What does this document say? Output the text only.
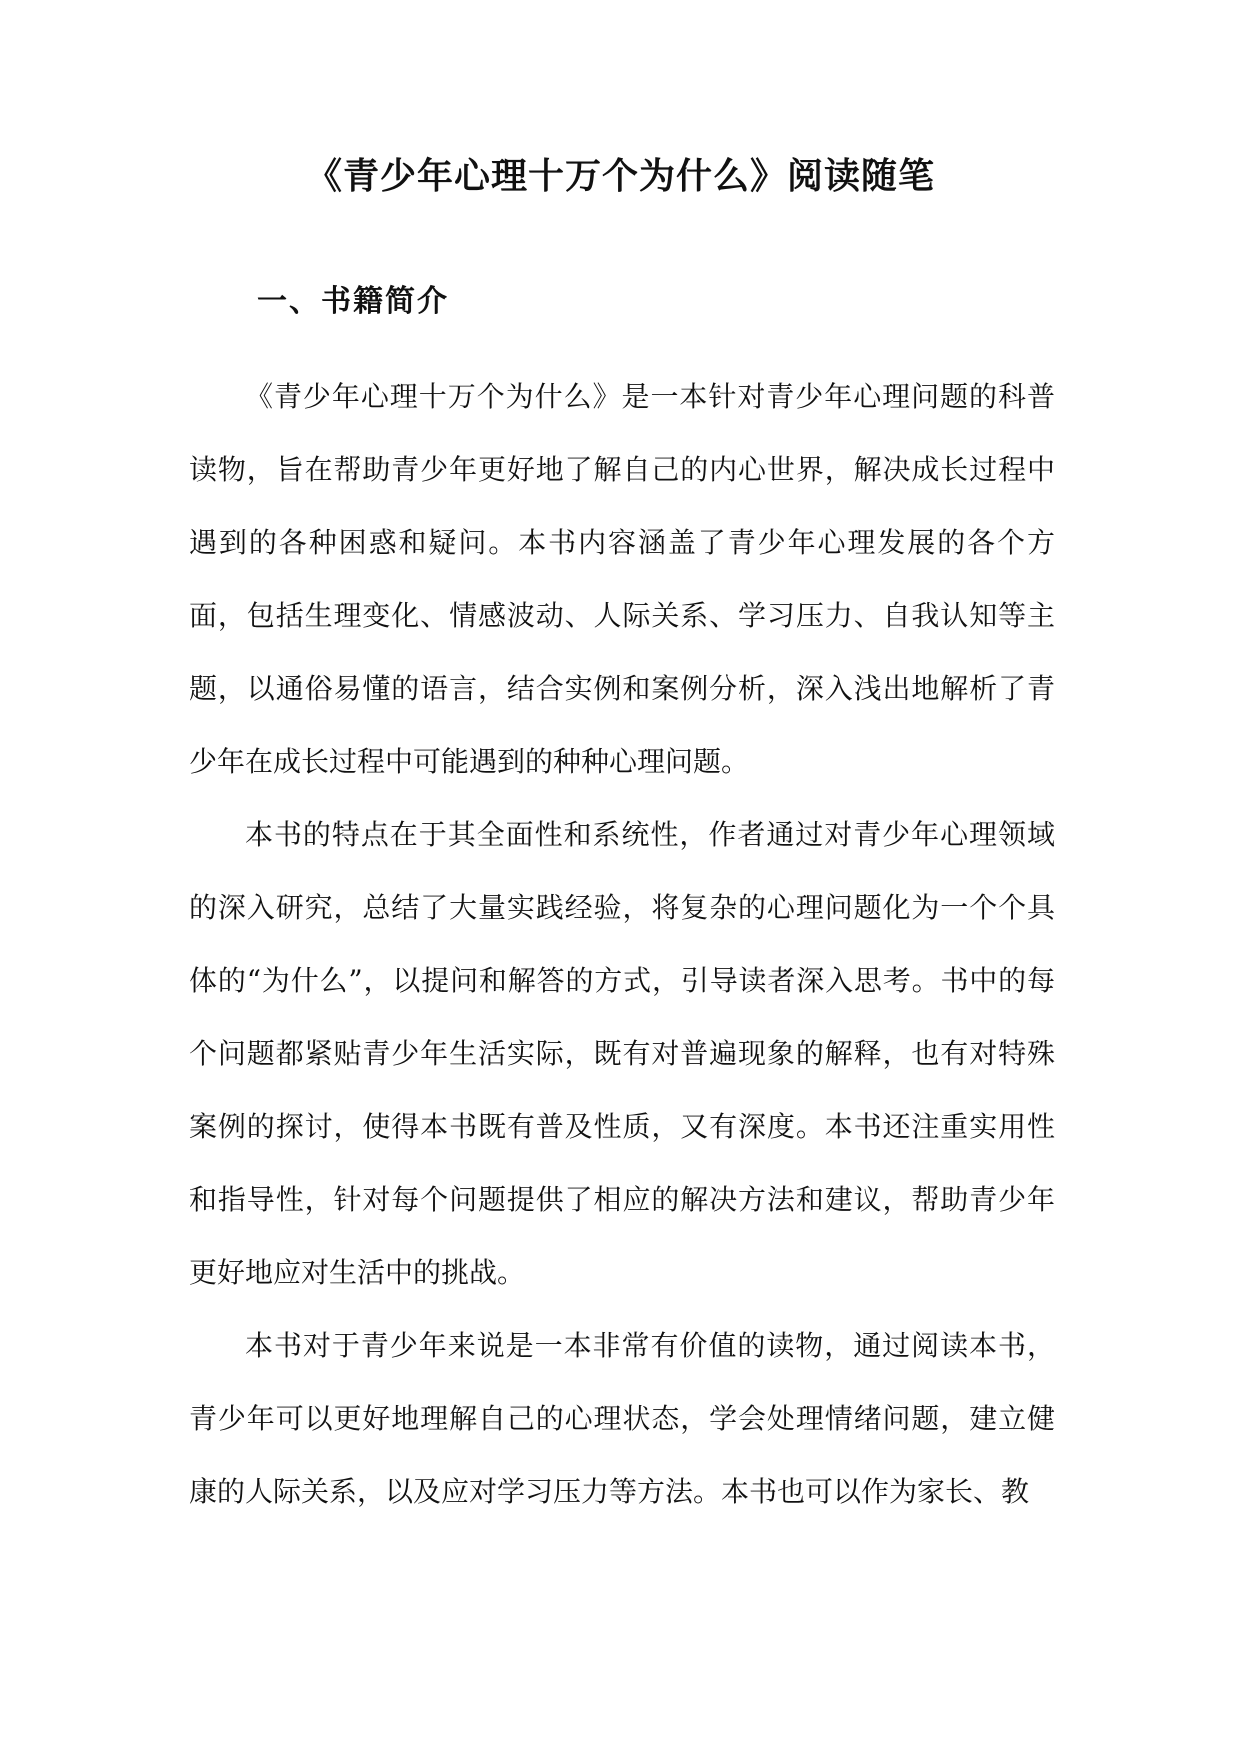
《青少年心理十万个为什么》阅读随笔
一、书籍简介

《青少年心理十万个为什么》是一本针对青少年心理问题的科普读物，旨在帮助青少年更好地了解自己的内心世界，解决成长过程中遇到的各种困惑和疑问。本书内容涵盖了青少年心理发展的各个方面，包括生理变化、情感波动、人际关系、学习压力、自我认知等主题，以通俗易懂的语言，结合实例和案例分析，深入浅出地解析了青少年在成长过程中可能遇到的种种心理问题。

本书的特点在于其全面性和系统性，作者通过对青少年心理领域的深入研究，总结了大量实践经验，将复杂的心理问题化为一个个具体的“为什么”，以提问和解答的方式，引导读者深入思考。书中的每个问题都紧贴青少年生活实际，既有对普遍现象的解释，也有对特殊案例的探讨，使得本书既有普及性质，又有深度。本书还注重实用性和指导性，针对每个问题提供了相应的解决方法和建议，帮助青少年更好地应对生活中的挑战。

本书对于青少年来说是一本非常有价值的读物，通过阅读本书，青少年可以更好地理解自己的心理状态，学会处理情绪问题，建立健康的人际关系，以及应对学习压力等方法。本书也可以作为家长、教
